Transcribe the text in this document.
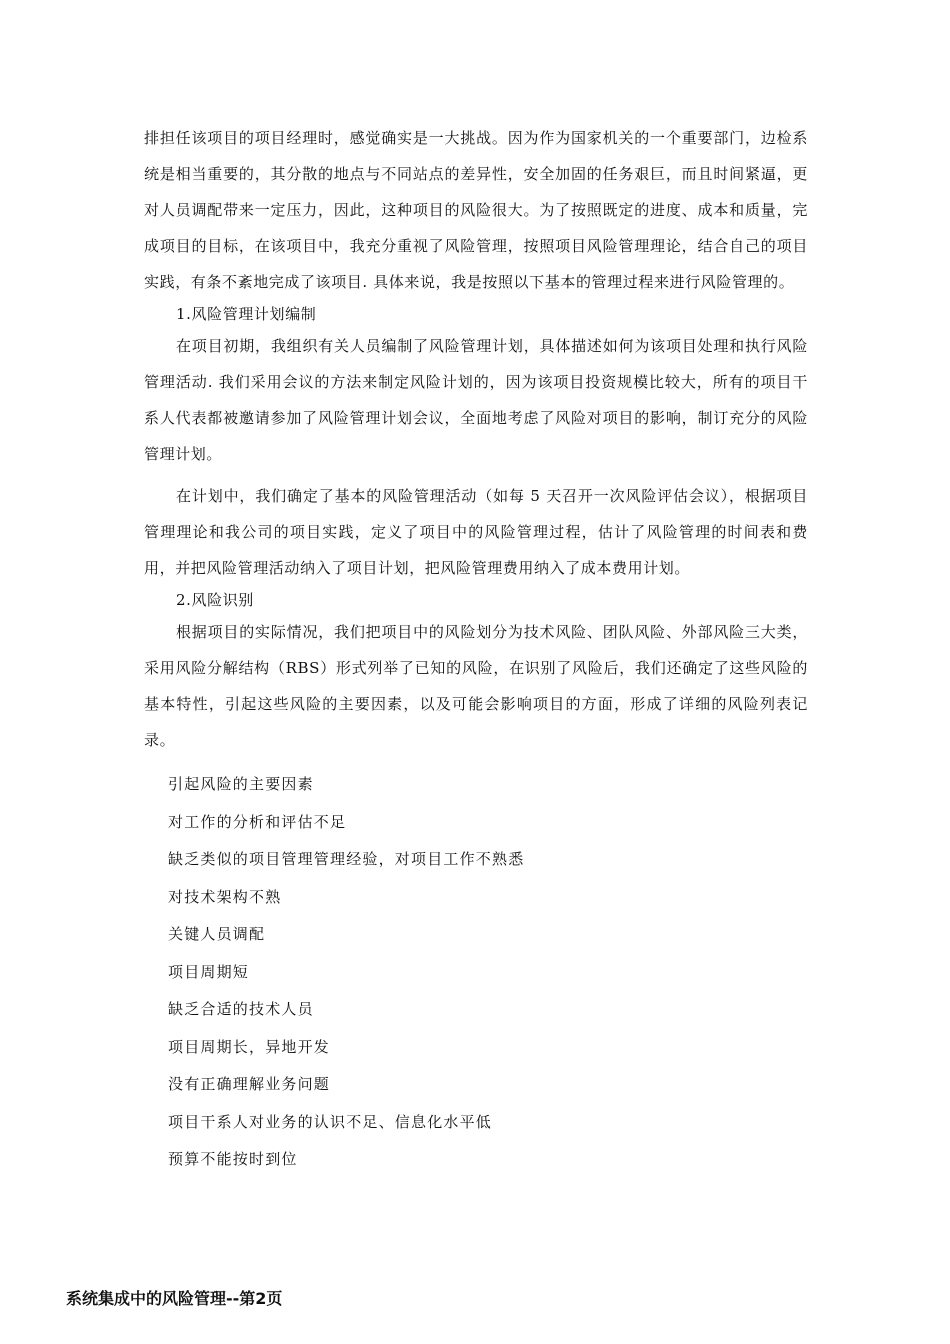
排担任该项目的项目经理时，感觉确实是一大挑战。因为作为国家机关的一个重要部门，边检系统是相当重要的，其分散的地点与不同站点的差异性，安全加固的任务艰巨，而且时间紧逼，更对人员调配带来一定压力，因此，这种项目的风险很大。为了按照既定的进度、成本和质量，完成项目的目标，在该项目中，我充分重视了风险管理，按照项目风险管理理论，结合自己的项目实践，有条不紊地完成了该项目. 具体来说，我是按照以下基本的管理过程来进行风险管理的。

1.风险管理计划编制

在项目初期，我组织有关人员编制了风险管理计划，具体描述如何为该项目处理和执行风险管理活动. 我们采用会议的方法来制定风险计划的，因为该项目投资规模比较大，所有的项目干系人代表都被邀请参加了风险管理计划会议，全面地考虑了风险对项目的影响，制订充分的风险管理计划。

在计划中，我们确定了基本的风险管理活动（如每 5 天召开一次风险评估会议），根据项目管理理论和我公司的项目实践，定义了项目中的风险管理过程，估计了风险管理的时间表和费用，并把风险管理活动纳入了项目计划，把风险管理费用纳入了成本费用计划。

2.风险识别

根据项目的实际情况，我们把项目中的风险划分为技术风险、团队风险、外部风险三大类，采用风险分解结构（RBS）形式列举了已知的风险，在识别了风险后，我们还确定了这些风险的基本特性，引起这些风险的主要因素，以及可能会影响项目的方面，形成了详细的风险列表记录。

引起风险的主要因素
对工作的分析和评估不足
缺乏类似的项目管理管理经验，对项目工作不熟悉
对技术架构不熟
关键人员调配
项目周期短
缺乏合适的技术人员
项目周期长，异地开发
没有正确理解业务问题
项目干系人对业务的认识不足、信息化水平低
预算不能按时到位
系统集成中的风险管理--第2页
